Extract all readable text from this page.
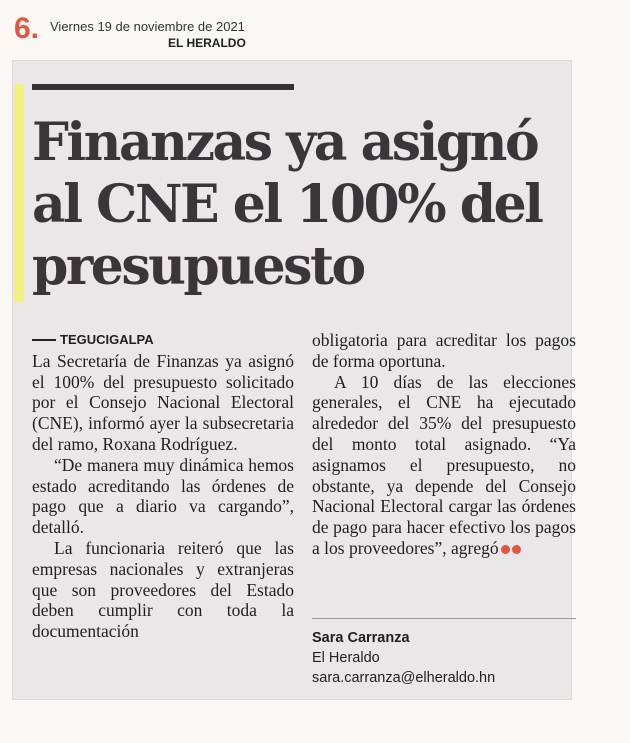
6. Viernes 19 de noviembre de 2021
EL HERALDO
Finanzas ya asignó al CNE el 100% del presupuesto
TEGUCIGALPA

La Secretaría de Finanzas ya asignó el 100% del presupuesto solicitado por el Consejo Nacional Electoral (CNE), informó ayer la subsecretaria del ramo, Roxana Rodríguez.

“De manera muy dinámica hemos estado acreditando las órdenes de pago que a diario va cargando”, detalló.

La funcionaria reiteró que las empresas nacionales y extranjeras que son proveedores del Estado deben cumplir con toda la documentación

obligatoria para acreditar los pagos de forma oportuna.

A 10 días de las elecciones generales, el CNE ha ejecutado alrededor del 35% del presupuesto del monto total asignado. “Ya asignamos el presupuesto, no obstante, ya depende del Consejo Nacional Electoral cargar las órdenes de pago para hacer efectivo los pagos a los proveedores”, agregó

Sara Carranza
El Heraldo
sara.carranza@elheraldo.hn
